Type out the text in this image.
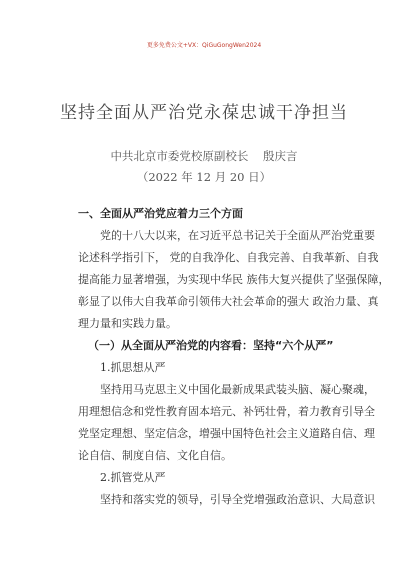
更多免费公文+VX：QiGuGongWen2024
坚持全面从严治党永葆忠诚干净担当
中共北京市委党校原副校长    殷庆言
（2022 年 12 月 20 日）
一、全面从严治党应着力三个方面
党的十八大以来，在习近平总书记关于全面从严治党重要
论述科学指引下， 党的自我净化、自我完善、自我革新、自我
提高能力显著增强，为实现中华民 族伟大复兴提供了坚强保障，
彰显了以伟大自我革命引领伟大社会革命的强大 政治力量、真
理力量和实践力量。
（一）从全面从严治党的内容看：坚持“六个从严”
1.抓思想从严
坚持用马克思主义中国化最新成果武装头脑、凝心聚魂，
用理想信念和党性教育固本培元、补钙壮骨，着力教育引导全
党坚定理想、坚定信念，增强中国特色社会主义道路自信、理
论自信、制度自信、文化自信。
2.抓管党从严
坚持和落实党的领导，引导全党增强政治意识、大局意识
